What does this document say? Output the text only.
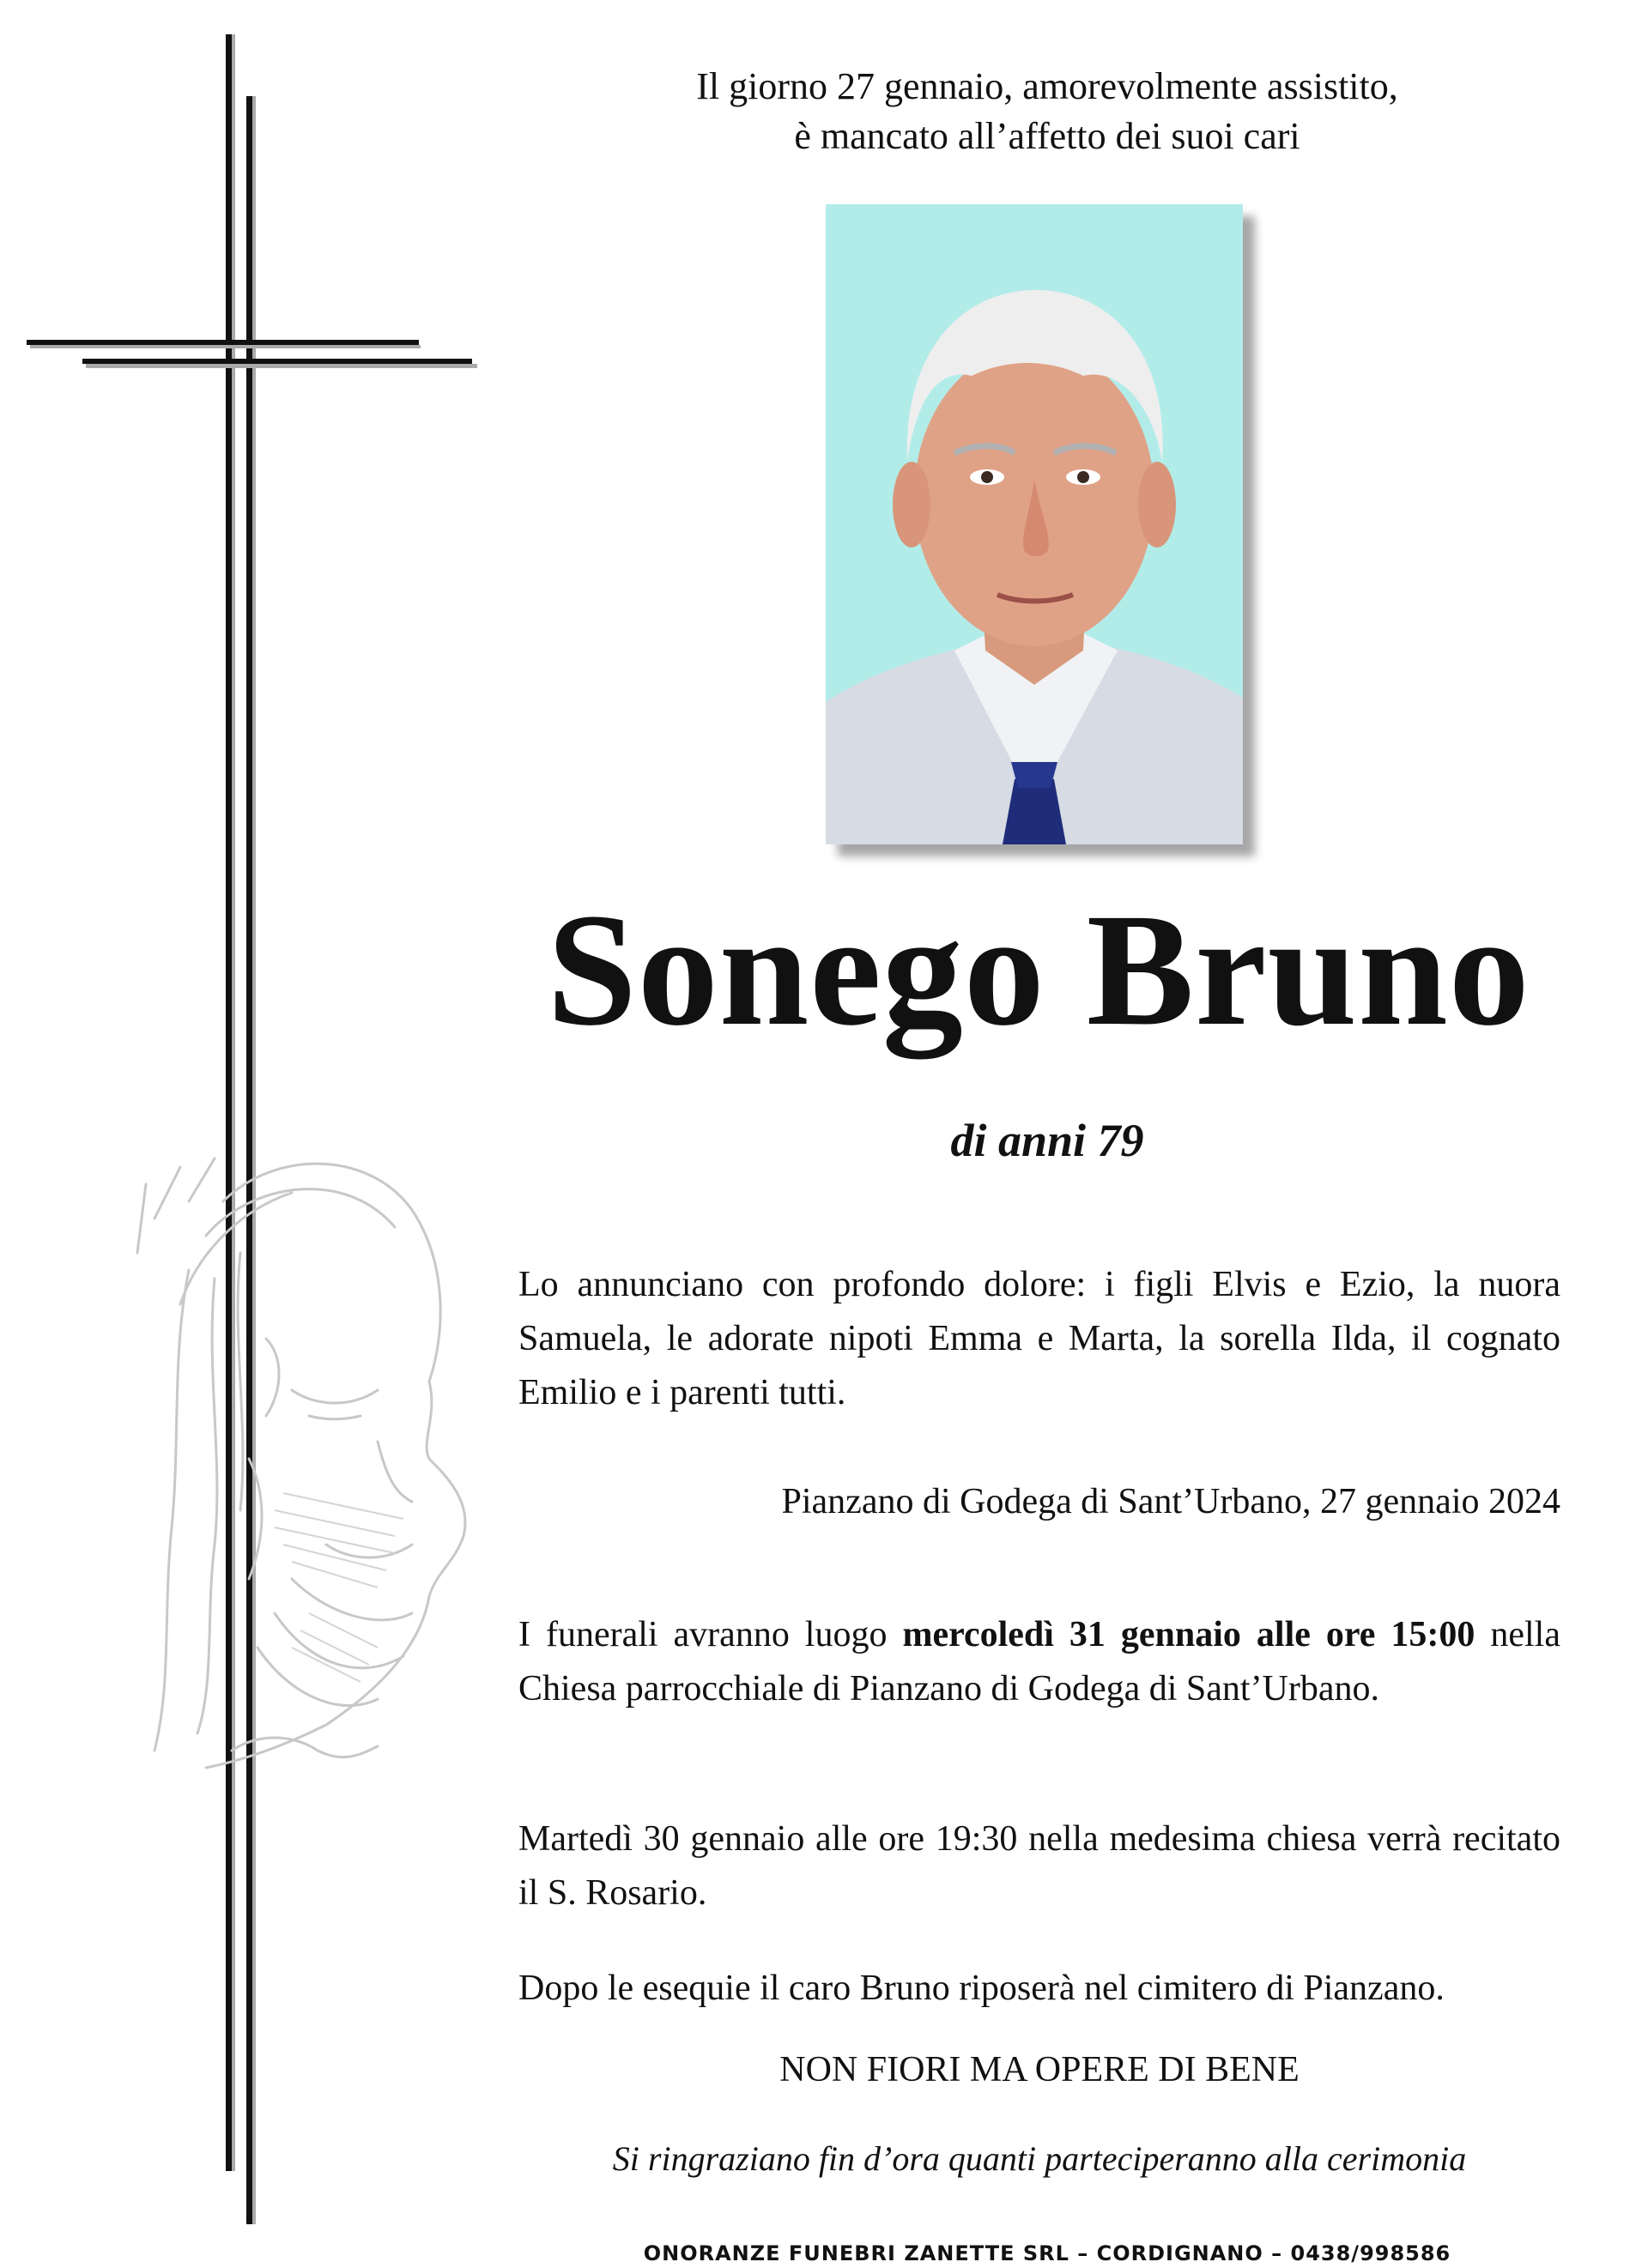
Il giorno 27 gennaio, amorevolmente assistito,
è mancato all’affetto dei suoi cari
Sonego Bruno
di anni 79
Lo annunciano con profondo dolore: i figli Elvis e Ezio, la nuora Samuela, le adorate nipoti Emma e Marta, la sorella Ilda, il cognato Emilio e i parenti tutti.
Pianzano di Godega di Sant’Urbano, 27 gennaio 2024
I funerali avranno luogo mercoledì 31 gennaio alle ore 15:00 nella Chiesa parrocchiale di Pianzano di Godega di Sant’Urbano.
Martedì 30 gennaio alle ore 19:30 nella medesima chiesa verrà recitato il S. Rosario.
Dopo le esequie il caro Bruno riposerà nel cimitero di Pianzano.
NON FIORI MA OPERE DI BENE
Si ringraziano fin d’ora quanti parteciperanno alla cerimonia
ONORANZE FUNEBRI ZANETTE SRL – CORDIGNANO – 0438/998586
